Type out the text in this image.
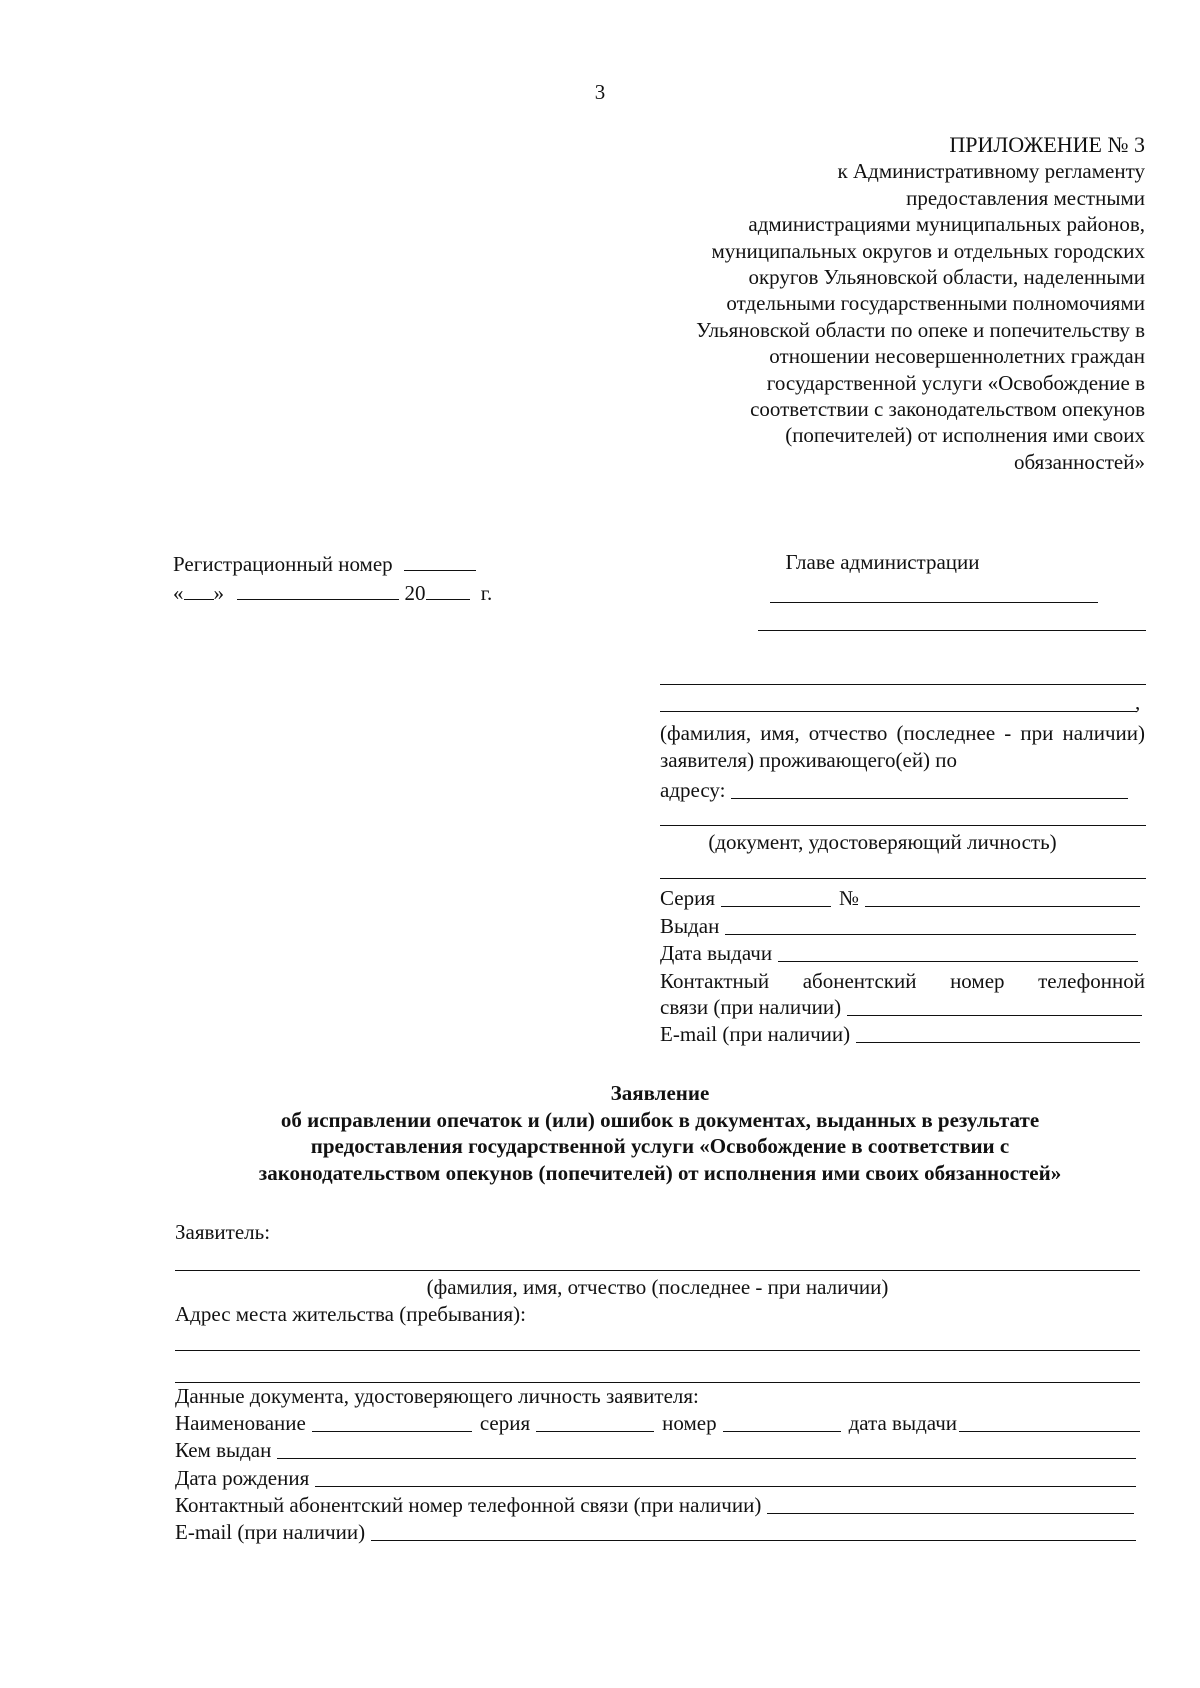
3
ПРИЛОЖЕНИЕ № 3
к Административному регламенту
предоставления местными
администрациями муниципальных районов,
муниципальных округов и отдельных городских
округов Ульяновской области, наделенными
отдельными государственными полномочиями
Ульяновской области по опеке и попечительству в
отношении несовершеннолетних граждан
государственной услуги «Освобождение в
соответствии с законодательством опекунов
(попечителей) от исполнения ими своих
обязанностей»
Регистрационный номер
« »	20	г.
Главе администрации
,
(фамилия, имя, отчество (последнее - при наличии) заявителя) проживающего(ей) по
адресу:
(документ, удостоверяющий личность)
Серия	№
Выдан
Дата выдачи
Контактный абонентский номер телефонной
связи (при наличии)
E-mail (при наличии)
Заявление
об исправлении опечаток и (или) ошибок в документах, выданных в результате
предоставления государственной услуги «Освобождение в соответствии с
законодательством опекунов (попечителей) от исполнения ими своих обязанностей»
Заявитель:
(фамилия, имя, отчество (последнее - при наличии)
Адрес места жительства (пребывания):
Данные документа, удостоверяющего личность заявителя:
Наименование	серия	номер	дата выдачи
Кем выдан
Дата рождения
Контактный абонентский номер телефонной связи (при наличии)
E-mail (при наличии)
